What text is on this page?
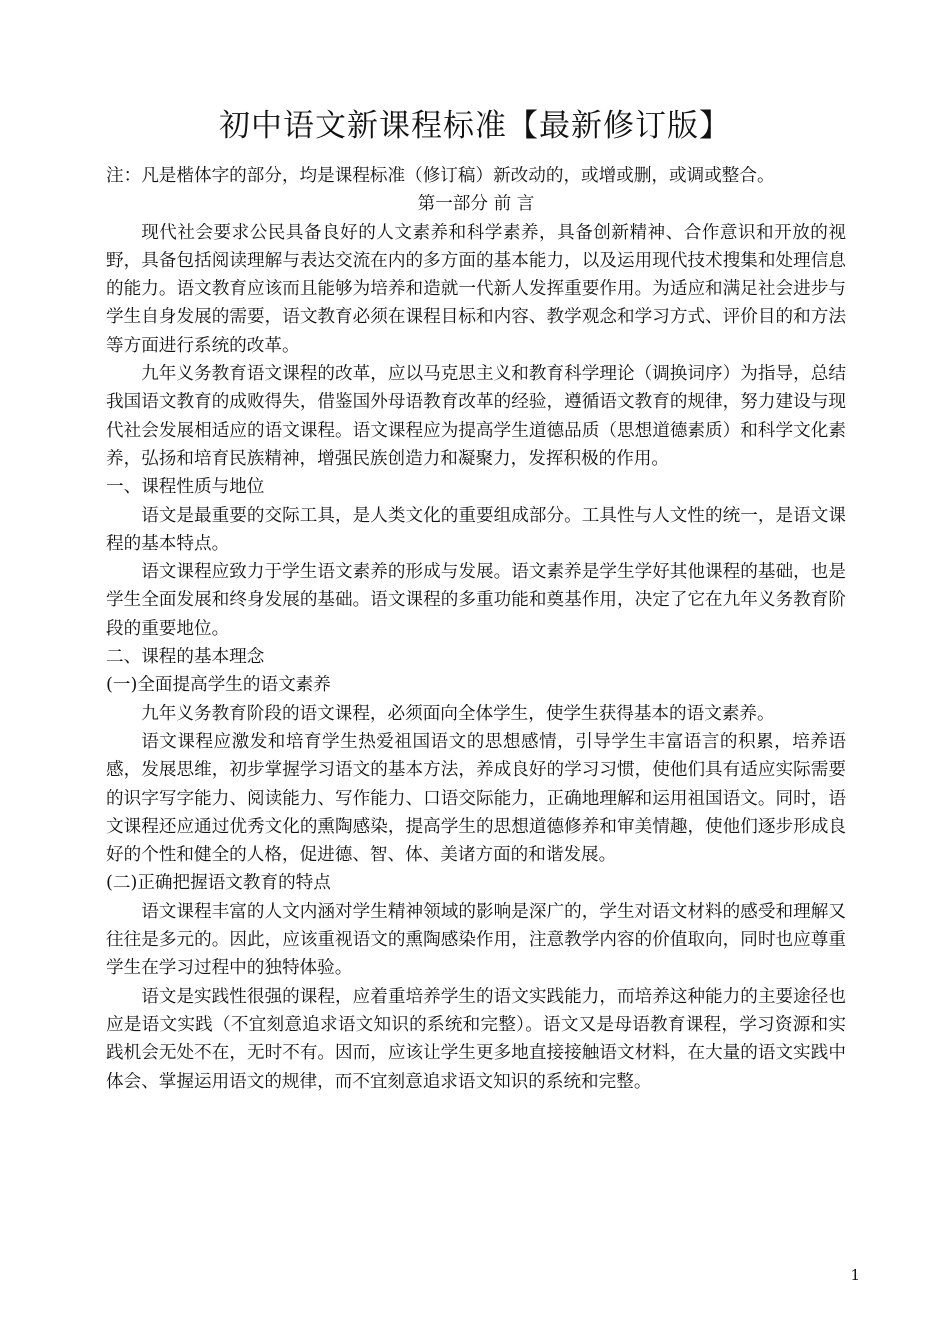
初中语文新课程标准【最新修订版】

注：凡是楷体字的部分，均是课程标准（修订稿）新改动的，或增或删，或调或整合。

第一部分 前 言

现代社会要求公民具备良好的人文素养和科学素养，具备创新精神、合作意识和开放的视野，具备包括阅读理解与表达交流在内的多方面的基本能力，以及运用现代技术搜集和处理信息的能力。语文教育应该而且能够为培养和造就一代新人发挥重要作用。为适应和满足社会进步与学生自身发展的需要，语文教育必须在课程目标和内容、教学观念和学习方式、评价目的和方法等方面进行系统的改革。

九年义务教育语文课程的改革，应以马克思主义和教育科学理论（调换词序）为指导，总结我国语文教育的成败得失，借鉴国外母语教育改革的经验，遵循语文教育的规律，努力建设与现代社会发展相适应的语文课程。语文课程应为提高学生道德品质（思想道德素质）和科学文化素养，弘扬和培育民族精神，增强民族创造力和凝聚力，发挥积极的作用。

一、课程性质与地位

语文是最重要的交际工具，是人类文化的重要组成部分。工具性与人文性的统一，是语文课程的基本特点。

语文课程应致力于学生语文素养的形成与发展。语文素养是学生学好其他课程的基础，也是学生全面发展和终身发展的基础。语文课程的多重功能和奠基作用，决定了它在九年义务教育阶段的重要地位。

二、课程的基本理念

(一)全面提高学生的语文素养

九年义务教育阶段的语文课程，必须面向全体学生，使学生获得基本的语文素养。

语文课程应激发和培育学生热爱祖国语文的思想感情，引导学生丰富语言的积累，培养语感，发展思维，初步掌握学习语文的基本方法，养成良好的学习习惯，使他们具有适应实际需要的识字写字能力、阅读能力、写作能力、口语交际能力，正确地理解和运用祖国语文。同时，语文课程还应通过优秀文化的熏陶感染，提高学生的思想道德修养和审美情趣，使他们逐步形成良好的个性和健全的人格，促进德、智、体、美诸方面的和谐发展。

(二)正确把握语文教育的特点

语文课程丰富的人文内涵对学生精神领域的影响是深广的，学生对语文材料的感受和理解又往往是多元的。因此，应该重视语文的熏陶感染作用，注意教学内容的价值取向，同时也应尊重学生在学习过程中的独特体验。

语文是实践性很强的课程，应着重培养学生的语文实践能力，而培养这种能力的主要途径也应是语文实践（不宜刻意追求语文知识的系统和完整）。语文又是母语教育课程，学习资源和实践机会无处不在，无时不有。因而，应该让学生更多地直接接触语文材料，在大量的语文实践中体会、掌握运用语文的规律，而不宜刻意追求语文知识的系统和完整。

1
